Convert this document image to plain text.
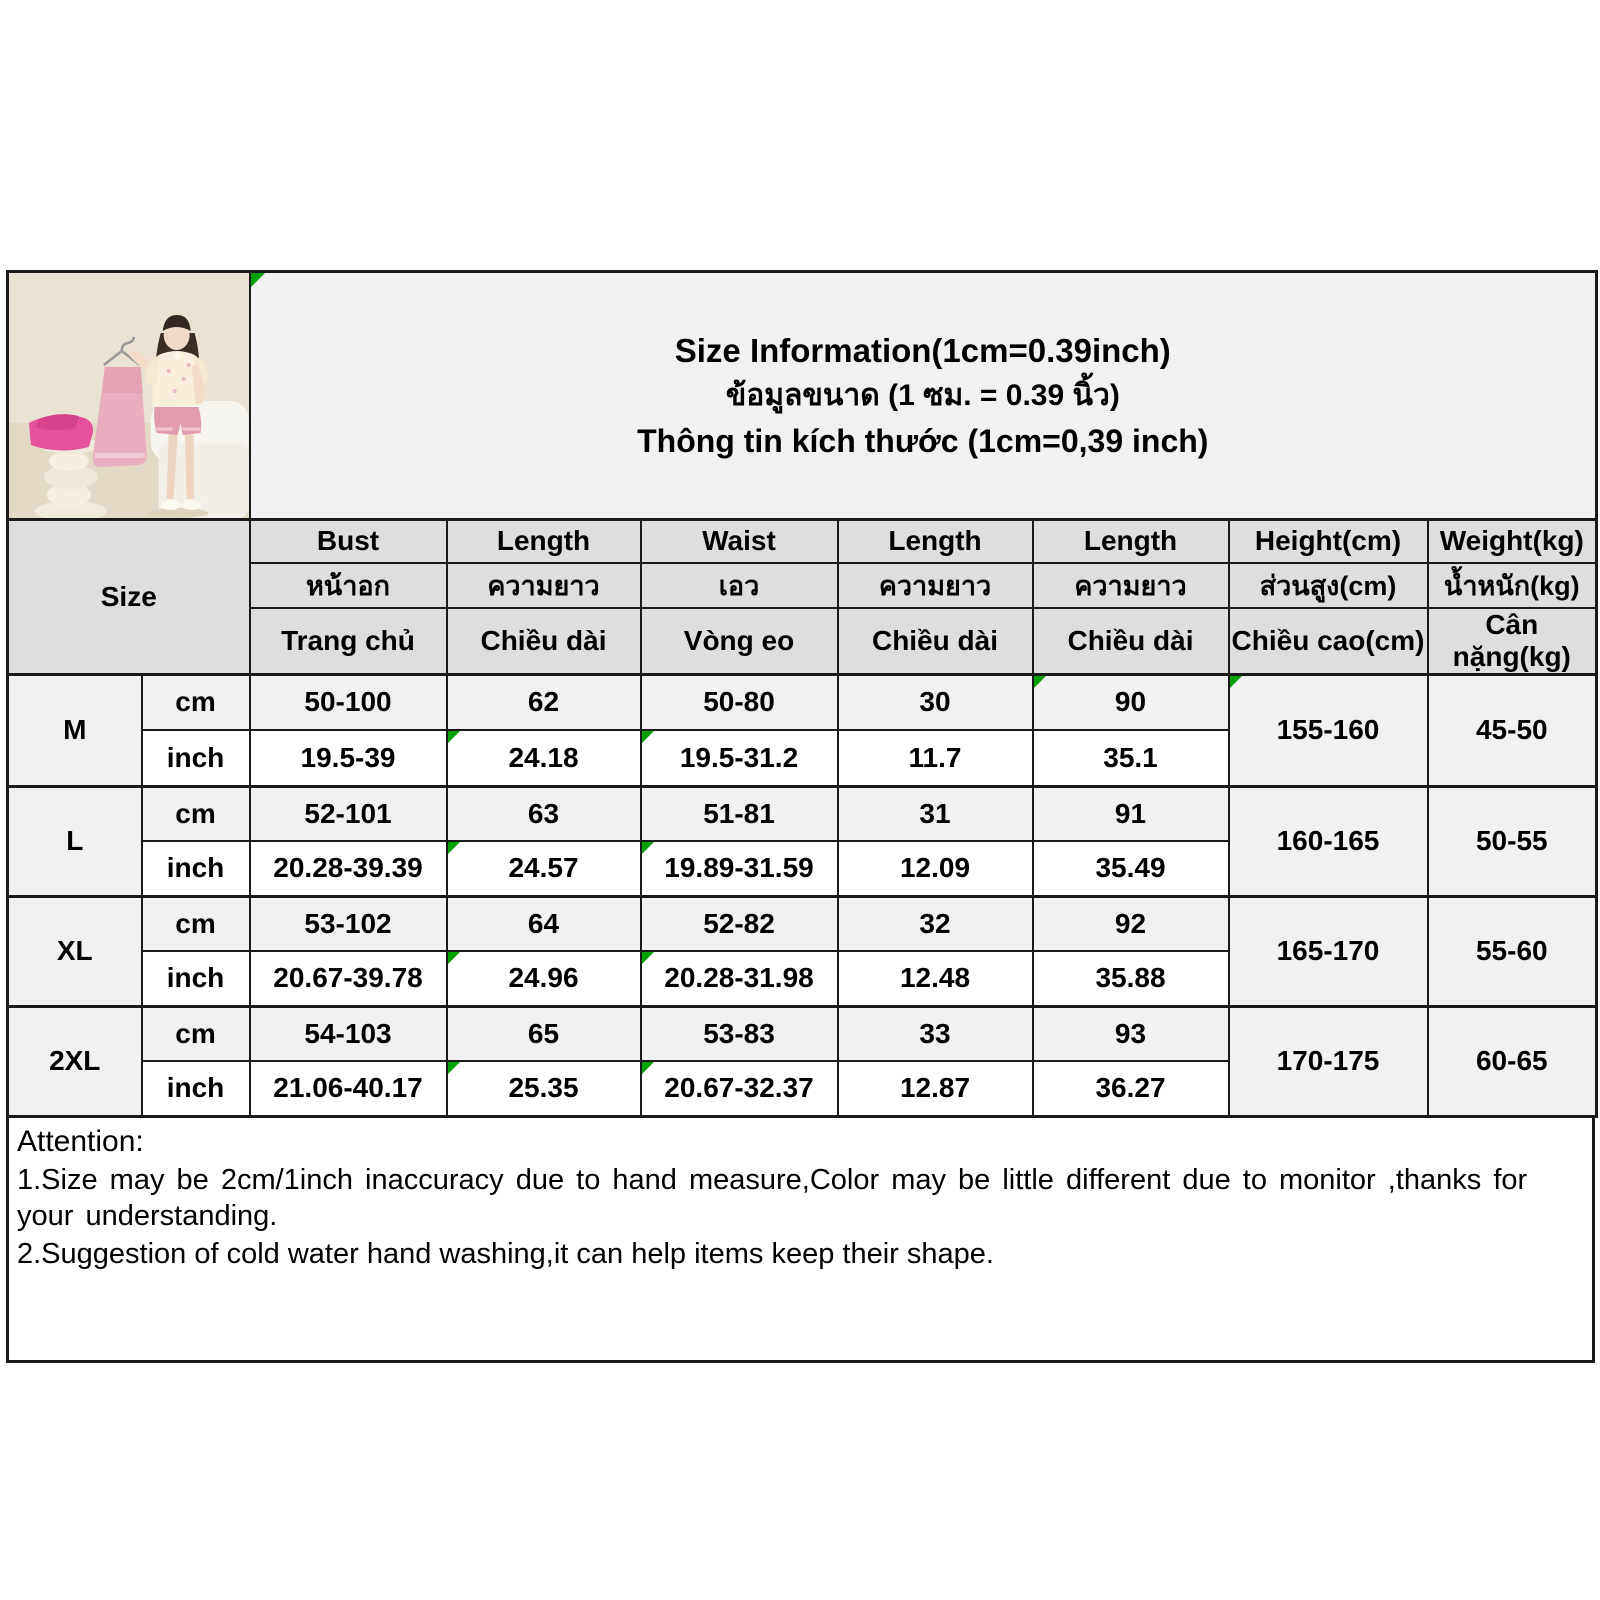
Size Information(1cm=0.39inch)
ข้อมูลขนาด (1 ซม. = 0.39 นิ้ว)
Thông tin kích thước (1cm=0,39 inch)						

Size		Bust	Length	Waist	Length	Length	Height(cm)	Weight(kg)
		หน้าอก	ความยาว	เอว	ความยาว	ความยาว	ส่วนสูง(cm)	น้ำหนัก(kg)
		Trang chủ	Chiều dài	Vòng eo	Chiều dài	Chiều dài	Chiều cao(cm)	Cân nặng(kg)
M	cm	50-100	62	50-80	30	90	155-160	45-50
	inch	19.5-39	24.18	19.5-31.2	11.7	35.1		
L	cm	52-101	63	51-81	31	91	160-165	50-55
	inch	20.28-39.39	24.57	19.89-31.59	12.09	35.49		
XL	cm	53-102	64	52-82	32	92	165-170	55-60
	inch	20.67-39.78	24.96	20.28-31.98	12.48	35.88		
2XL	cm	54-103	65	53-83	33	93	170-175	60-65
	inch	21.06-40.17	25.35	20.67-32.37	12.87	36.27		
Attention:
1.Size may be 2cm/1inch inaccuracy due to hand measure,Color may be little different due to monitor ,thanks for your understanding.
2.Suggestion of cold water hand washing,it can help items keep their shape.
